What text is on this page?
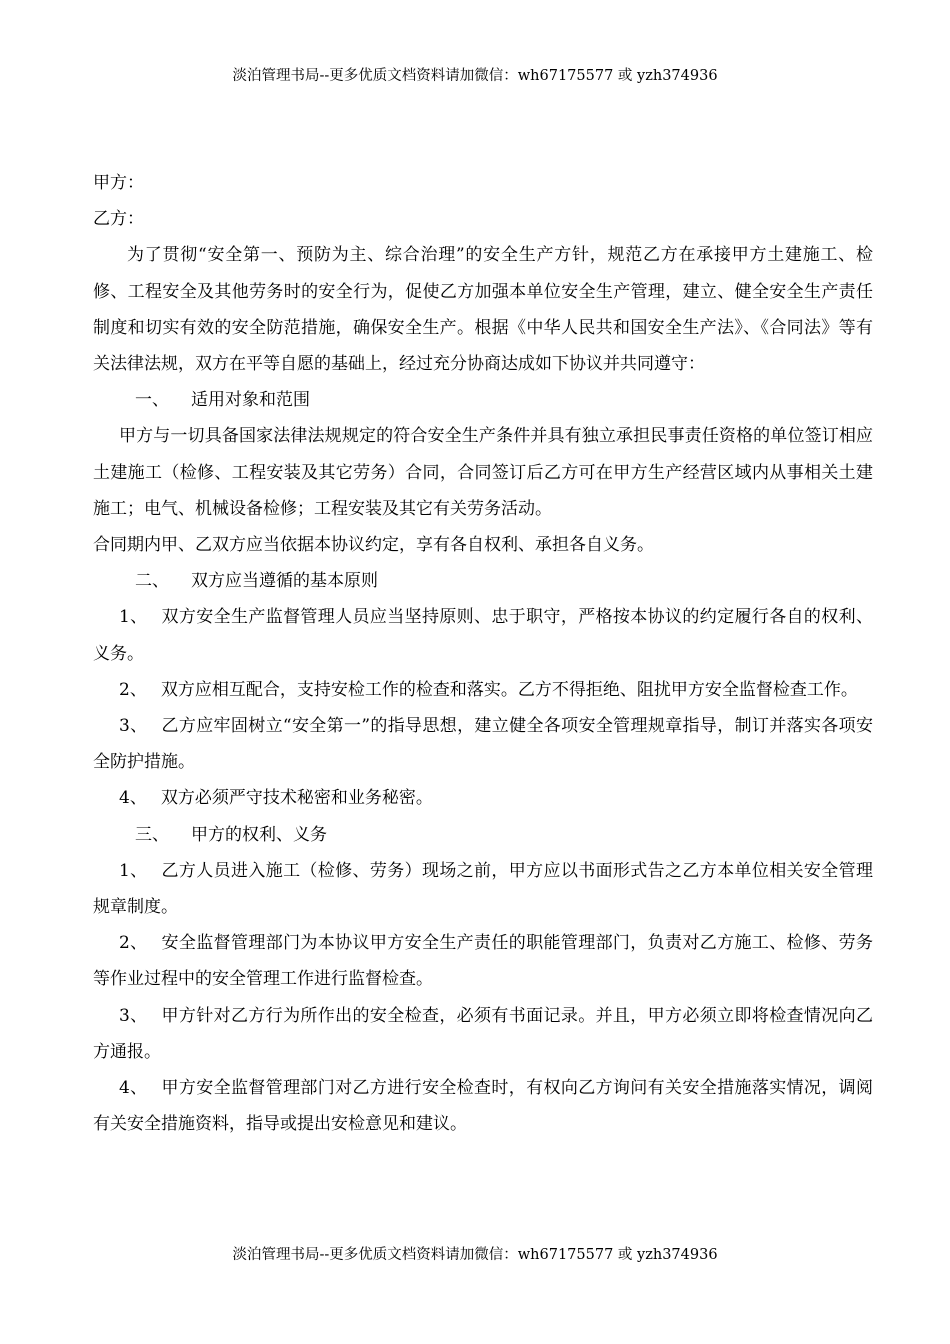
淡泊管理书局--更多优质文档资料请加微信：wh67175577 或 yzh374936

甲方：

乙方：

为了贯彻“安全第一、预防为主、综合治理”的安全生产方针，规范乙方在承接甲方土建施工、检修、工程安全及其他劳务时的安全行为，促使乙方加强本单位安全生产管理，建立、健全安全生产责任制度和切实有效的安全防范措施，确保安全生产。根据《中华人民共和国安全生产法》、《合同法》等有关法律法规，双方在平等自愿的基础上，经过充分协商达成如下协议并共同遵守：

一、 适用对象和范围

甲方与一切具备国家法律法规规定的符合安全生产条件并具有独立承担民事责任资格的单位签订相应土建施工（检修、工程安装及其它劳务）合同，合同签订后乙方可在甲方生产经营区域内从事相关土建施工；电气、机械设备检修；工程安装及其它有关劳务活动。

合同期内甲、乙双方应当依据本协议约定，享有各自权利、承担各自义务。

二、 双方应当遵循的基本原则

1、 双方安全生产监督管理人员应当坚持原则、忠于职守，严格按本协议的约定履行各自的权利、义务。

2、 双方应相互配合，支持安检工作的检查和落实。乙方不得拒绝、阻扰甲方安全监督检查工作。

3、 乙方应牢固树立“安全第一”的指导思想，建立健全各项安全管理规章指导，制订并落实各项安全防护措施。

4、 双方必须严守技术秘密和业务秘密。

三、 甲方的权利、义务

1、 乙方人员进入施工（检修、劳务）现场之前，甲方应以书面形式告之乙方本单位相关安全管理规章制度。

2、 安全监督管理部门为本协议甲方安全生产责任的职能管理部门，负责对乙方施工、检修、劳务等作业过程中的安全管理工作进行监督检查。

3、 甲方针对乙方行为所作出的安全检查，必须有书面记录。并且，甲方必须立即将检查情况向乙方通报。

4、 甲方安全监督管理部门对乙方进行安全检查时，有权向乙方询问有关安全措施落实情况，调阅有关安全措施资料，指导或提出安检意见和建议。

淡泊管理书局--更多优质文档资料请加微信：wh67175577 或 yzh374936
